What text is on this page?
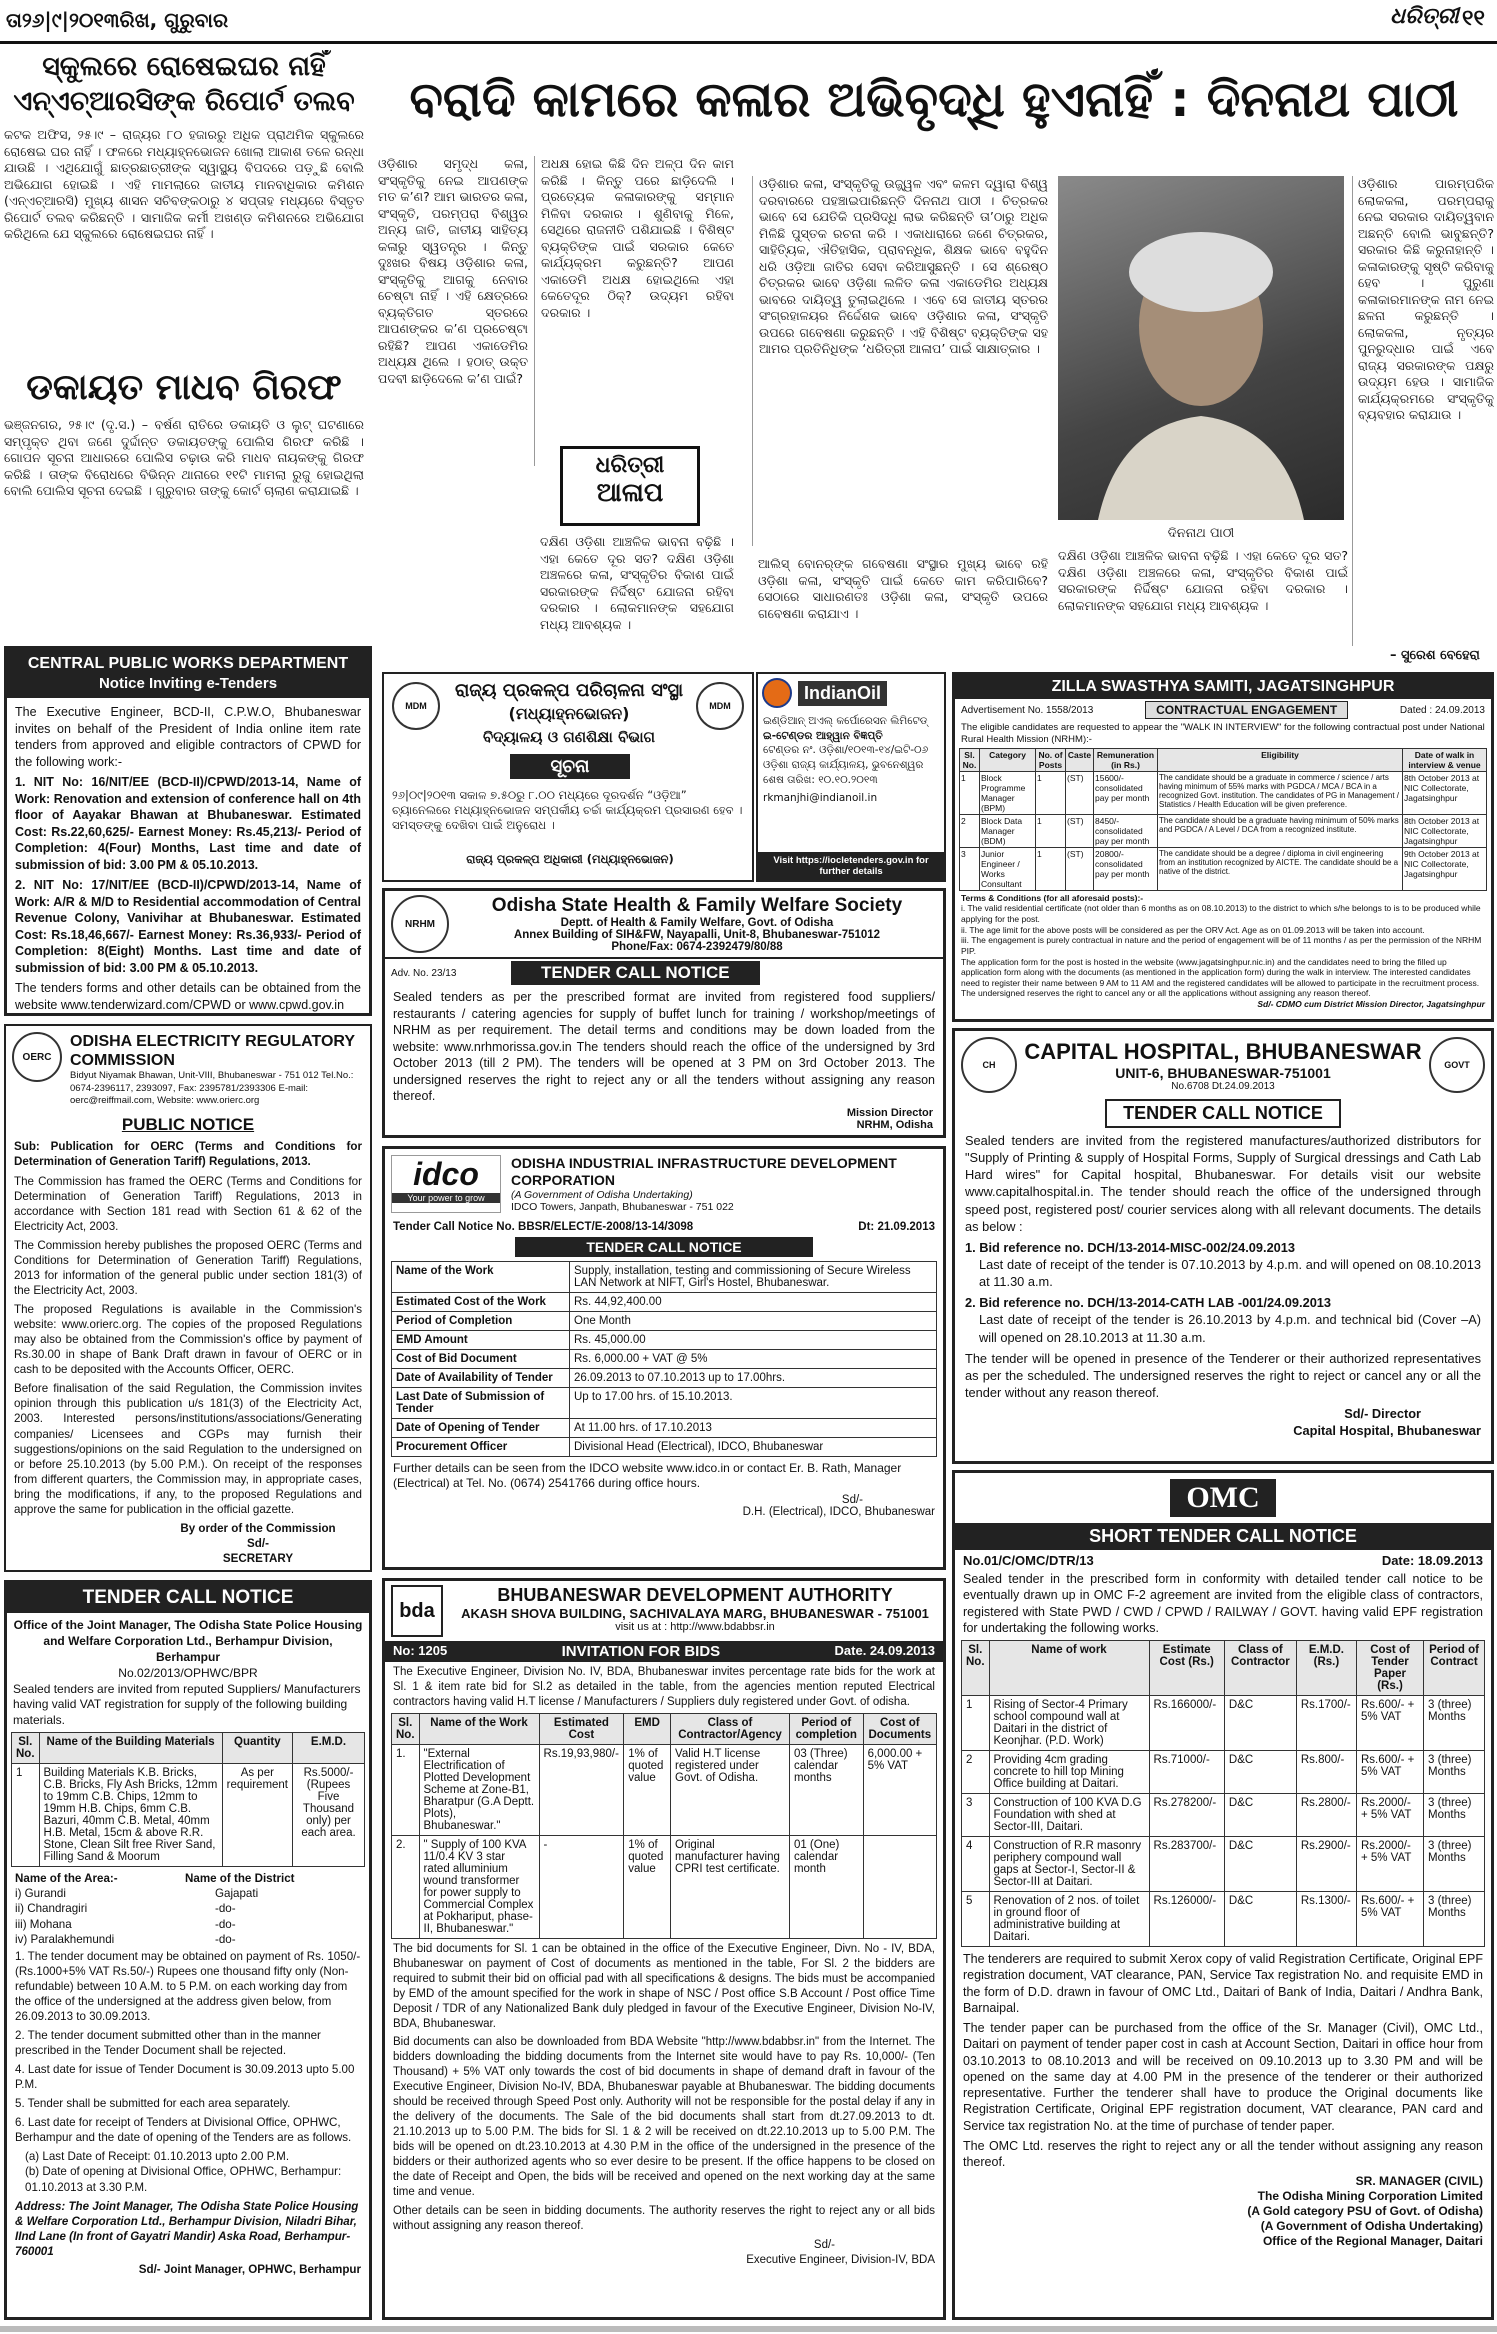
ତା୨୬|୯|୨୦୧୩ରିଖ, ଗୁରୁବାର	ଧରିତ୍ରୀ ୧୧
ସ୍କୁଲରେ ରୋଷେଇଘର ନାହିଁ ଏନ୍‌ଏଚ୍ଆରସିଙ୍କ ରିପୋର୍ଟ ତଲବ
କଟକ ଅଫିସ, ୨୫।୯ – ରାଜ୍ୟର ୮୦ ହଜାରରୁ ଅଧିକ ପ୍ରାଥମିକ ସ୍କୁଲରେ ରୋଷେଇ ଘର ନାହିଁ । ଫଳରେ ମଧ୍ୟାହ୍ନଭୋଜନ ଖୋଲା ଆକାଶ ତଳେ ରନ୍ଧା ଯାଉଛି । ଏଥିଯୋଗୁଁ ଛାତ୍ରଛାତ୍ରୀଙ୍କ ସ୍ୱାସ୍ଥ୍ୟ ବିପଦରେ ପଡ଼ୁଛି ବୋଲି ଅଭିଯୋଗ ହୋଇଛି । ଏହି ମାମଲାରେ ଜାତୀୟ ମାନବାଧିକାର କମିଶନ (ଏନ୍‌ଏଚ୍ଆରସି) ମୁଖ୍ୟ ଶାସନ ସଚିବଙ୍କଠାରୁ ୪ ସପ୍ତାହ ମଧ୍ୟରେ ବିସ୍ତୃତ ରିପୋର୍ଟ ତଲବ କରିଛନ୍ତି । ସାମାଜିକ କର୍ମୀ ଅଖଣ୍ଡ କମିଶନରେ ଅଭିଯୋଗ କରିଥିଲେ ଯେ ସ୍କୁଲରେ ରୋଷେଇଘର ନାହିଁ ।
ଡକାୟତ ମାଧବ ଗିରଫ
ଭଞ୍ଜନଗର, ୨୫।୯ (ଦୃ.ସ.) – ବର୍ଷଣ ରାତିରେ ଡକାୟତି ଓ ଲୁଟ୍ ଘଟଣାରେ ସମ୍ପୃକ୍ତ ଥିବା ଜଣେ ଦୁର୍ଦ୍ଦାନ୍ତ ଡକାୟତଙ୍କୁ ପୋଲିସ ଗିରଫ କରିଛି । ଗୋପନ ସୂଚନା ଆଧାରରେ ପୋଲିସ ଚଢ଼ାଉ କରି ମାଧବ ନାୟକଙ୍କୁ ଗିରଫ କରିଛି । ତାଙ୍କ ବିରୋଧରେ ବିଭିନ୍ନ ଥାନାରେ ୧୧ଟି ମାମଲା ରୁଜୁ ହୋଇଥିଲା ବୋଲି ପୋଲିସ ସୂଚନା ଦେଇଛି । ଗୁରୁବାର ତାଙ୍କୁ କୋର୍ଟ ଚାଲାଣ କରାଯାଇଛି ।
ବରାଦି କାମରେ କଳାର ଅଭିବୃଦ୍ଧି ହୁଏନାହିଁ : ଦିନନାଥ ପାଠୀ
ଓଡ଼ିଶାର ସମୃଦ୍ଧ କଳା, ସଂସ୍କୃତିକୁ ନେଇ ଆପଣଙ୍କ ମତ କ’ଣ? ଆମ ଭାରତର କଳା, ସଂସ୍କୃତି, ପରମ୍ପରା ବିଶ୍ୱର ଅନ୍ୟ ଜାତି, ଜାତୀୟ ସାହିତ୍ୟ କଳାରୁ ସ୍ୱତନ୍ତ୍ର । କିନ୍ତୁ ଦୁଃଖର ବିଷୟ ଓଡ଼ିଶାର କଳା, ସଂସ୍କୃତିକୁ ଆଗକୁ ନେବାର ଚେଷ୍ଟା ନାହିଁ । ଏହି କ୍ଷେତ୍ରରେ ବ୍ୟକ୍ତିଗତ ସ୍ତରରେ ଆପଣଙ୍କର କ’ଣ ପ୍ରଚେଷ୍ଟା ରହିଛି? ଆପଣ ଏକାଡେମିର ଅଧ୍ୟକ୍ଷ ଥିଲେ । ହଠାତ୍ ଉକ୍ତ ପଦବୀ ଛାଡ଼ିଦେଲେ କ’ଣ ପାଇଁ?
ଅଧକ୍ଷ ହୋଇ କିଛି ଦିନ ଅଳ୍ପ ଦିନ କାମ କରିଛି । କିନ୍ତୁ ପରେ ଛାଡ଼ିଦେଲି । ପ୍ରତ୍ୟେକ କଳାକାରଙ୍କୁ ସମ୍ମାନ ମିଳିବା ଦରକାର । ଶୁଣିବାକୁ ମିଳେ, ସେଥିରେ ରାଜନୀତି ପଶିଯାଇଛି । ବିଶିଷ୍ଟ ବ୍ୟକ୍ତିଙ୍କ ପାଇଁ ସରକାର କେତେ କାର୍ଯ୍ୟକ୍ରମ କରୁଛନ୍ତି? ଆପଣ ଏକାଡେମି ଅଧକ୍ଷ ହୋଇଥିଲେ ଏହା କେତେଦୂର ଠିକ୍? ଉଦ୍ୟମ ରହିବା ଦରକାର ।
ଧରିତ୍ରୀ
ଆଳାପ
ଦକ୍ଷିଣ ଓଡ଼ିଶା ଆଞ୍ଚଳିକ ଭାବନା ବଢ଼ିଛି । ଏହା କେତେ ଦୂର ସତ? ଦକ୍ଷିଣ ଓଡ଼ିଶା ଅଞ୍ଚଳରେ କଳା, ସଂସ୍କୃତିର ବିକାଶ ପାଇଁ ସରକାରଙ୍କ ନିର୍ଦ୍ଦିଷ୍ଟ ଯୋଜନା ରହିବା ଦରକାର । ଲୋକମାନଙ୍କ ସହଯୋଗ ମଧ୍ୟ ଆବଶ୍ୟକ ।
ଓଡ଼ିଶାର କଳା, ସଂସ୍କୃତିକୁ ଉଜ୍ଜ୍ୱଳ ଏବଂ କଳମ ଦ୍ୱାରା ବିଶ୍ୱ ଦରବାରରେ ପହଞ୍ଚାଇପାରିଛନ୍ତି ଦିନନାଥ ପାଠୀ । ଚିତ୍ରକର ଭାବେ ସେ ଯେତିକି ପ୍ରସିଦ୍ଧି ଲାଭ କରିଛନ୍ତି ତା’ଠାରୁ ଅଧିକ ମିଳିଛି ପୁସ୍ତକ ରଚନା କରି । ଏକାଧାରାରେ ଜଣେ ଚିତ୍ରକର, ସାହିତ୍ୟିକ, ଐତିହାସିକ, ପ୍ରାବନ୍ଧିକ, ଶିକ୍ଷକ ଭାବେ ବହୁଦିନ ଧରି ଓଡ଼ିଆ ଜାତିର ସେବା କରିଆସୁଛନ୍ତି । ସେ ଶ୍ରେଷ୍ଠ ଚିତ୍ରକର ଭାବେ ଓଡ଼ିଶା ଲଳିତ କଳା ଏକାଡେମିର ଅଧ୍ୟକ୍ଷ ଭାବରେ ଦାୟିତ୍ୱ ତୁଲାଇଥିଲେ । ଏବେ ସେ ଜାତୀୟ ସ୍ତରର ସଂଗ୍ରହାଳୟର ନିର୍ଦ୍ଦେଶକ ଭାବେ ଓଡ଼ିଶାର କଳା, ସଂସ୍କୃତି ଉପରେ ଗବେଷଣା କରୁଛନ୍ତି । ଏହି ବିଶିଷ୍ଟ ବ୍ୟକ୍ତିଙ୍କ ସହ ଆମର ପ୍ରତିନିଧିଙ୍କ ‘ଧରିତ୍ରୀ ଆଳାପ’ ପାଇଁ ସାକ୍ଷାତ୍‌କାର ।
ଆଲିସ୍ ବୋନର୍‌ଙ୍କ ଗବେଷଣା ସଂସ୍ଥାର ମୁଖ୍ୟ ଭାବେ ରହି ଓଡ଼ିଶା କଳା, ସଂସ୍କୃତି ପାଇଁ କେତେ କାମ କରିପାରିବେ? ସେଠାରେ ସାଧାରଣତଃ ଓଡ଼ିଶା କଳା, ସଂସ୍କୃତି ଉପରେ ଗବେଷଣା କରାଯାଏ ।
ଦିନନାଥ ପାଠୀ
ଦକ୍ଷିଣ ଓଡ଼ିଶା ଆଞ୍ଚଳିକ ଭାବନା ବଢ଼ିଛି । ଏହା କେତେ ଦୂର ସତ? ଦକ୍ଷିଣ ଓଡ଼ିଶା ଅଞ୍ଚଳରେ କଳା, ସଂସ୍କୃତିର ବିକାଶ ପାଇଁ ସରକାରଙ୍କ ନିର୍ଦ୍ଦିଷ୍ଟ ଯୋଜନା ରହିବା ଦରକାର । ଲୋକମାନଙ୍କ ସହଯୋଗ ମଧ୍ୟ ଆବଶ୍ୟକ ।
ଓଡ଼ିଶାର ପାରମ୍ପରିକ ଲୋକକଳା, ପରମ୍ପରାକୁ ନେଇ ସରକାର ଦାୟିତ୍ୱବାନ ଅଛନ୍ତି ବୋଲି ଭାବୁଛନ୍ତି? ସରକାର କିଛି କରୁନାହାନ୍ତି । କଳାକାରଙ୍କୁ ସୃଷ୍ଟି କରିବାକୁ ହେବ । ପୁରୁଣା କଳାକାରମାନଙ୍କ ନାମ ନେଇ ଛଳନା କରୁଛନ୍ତି । ଲୋକକଳା, ନୃତ୍ୟର ପୁନରୁଦ୍ଧାର ପାଇଁ ଏବେ ରାଜ୍ୟ ସରକାରଙ୍କ ପକ୍ଷରୁ ଉଦ୍ୟମ ହେଉ । ସାମାଜିକ କାର୍ଯ୍ୟକ୍ରମରେ ସଂସ୍କୃତିକୁ ବ୍ୟବହାର କରାଯାଉ ।
– ସୁରେଶ ବେହେରା
MDM	MDM
ରାଜ୍ୟ ପ୍ରକଳ୍ପ ପରିଚାଳନା ସଂସ୍ଥା
(ମଧ୍ୟାହ୍ନଭୋଜନ)
ବିଦ୍ୟାଳୟ ଓ ଗଣଶିକ୍ଷା ବିଭାଗ
ସୂଚନା
୨୬|୦୯|୨୦୧୩ ସକାଳ ୭.୫୦ରୁ ୮.୦୦ ମଧ୍ୟରେ ଦୂରଦର୍ଶନ “ଓଡ଼ିଆ” ଚ୍ୟାନେଲରେ ମଧ୍ୟାହ୍ନଭୋଜନ ସମ୍ପର୍କୀୟ ଚର୍ଚ୍ଚା କାର୍ଯ୍ୟକ୍ରମ ପ୍ରସାରଣ ହେବ । ସମସ୍ତଙ୍କୁ ଦେଖିବା ପାଇଁ ଅନୁରୋଧ ।
ରାଜ୍ୟ ପ୍ରକଳ୍ପ ଅଧିକାରୀ (ମଧ୍ୟାହ୍ନଭୋଜନ)
IndianOil
ଇଣ୍ଡିଆନ୍ ଅଏଲ୍ କର୍ପୋରେସନ ଲିମିଟେଡ୍
ଇ-ଟେଣ୍ଡର ଆହ୍ୱାନ ବିଜ୍ଞପ୍ତି
ଟେଣ୍ଡର ନଂ. ଓଡ଼ିଶା/୧୦୧୩-୧୪/ଇଟି-୦୬
ଓଡ଼ିଶା ରାଜ୍ୟ କାର୍ଯ୍ୟାଳୟ, ଭୁବନେଶ୍ୱର
ଶେଷ ତାରିଖ: ୧୦.୧୦.୨୦୧୩
rkmanjhi@indianoil.in
Visit https://iocletenders.gov.in for further details
CENTRAL PUBLIC WORKS DEPARTMENT
Notice Inviting e-Tenders

The Executive Engineer, BCD-II, C.P.W.O, Bhubaneswar invites on behalf of the President of India online item rate tenders from approved and eligible contractors of CPWD for the following work:-

1. NIT No: 16/NIT/EE (BCD-II)/CPWD/2013-14, Name of Work: Renovation and extension of conference hall on 4th floor of Aayakar Bhawan at Bhubaneswar. Estimated Cost: Rs.22,60,625/- Earnest Money: Rs.45,213/- Period of Completion: 4(Four) Months, Last time and date of submission of bid: 3.00 PM & 05.10.2013.

2. NIT No: 17/NIT/EE (BCD-II)/CPWD/2013-14, Name of Work: A/R & M/D to Residential accommodation of Central Revenue Colony, Vanivihar at Bhubaneswar. Estimated Cost: Rs.18,46,667/- Earnest Money: Rs.36,933/- Period of Completion: 8(Eight) Months. Last time and date of submission of bid: 3.00 PM & 05.10.2013.

The tenders forms and other details can be obtained from the website www.tenderwizard.com/CPWD or www.cpwd.gov.in

OERC
ODISHA ELECTRICITY REGULATORY COMMISSION
Bidyut Niyamak Bhawan, Unit-VIII, Bhubaneswar - 751 012 Tel.No.: 0674-2396117, 2393097, Fax: 2395781/2393306 E-mail: oerc@reiffmail.com, Website: www.orierc.org
PUBLIC NOTICE

Sub: Publication for OERC (Terms and Conditions for Determination of Generation Tariff) Regulations, 2013.

The Commission has framed the OERC (Terms and Conditions for Determination of Generation Tariff) Regulations, 2013 in accordance with Section 181 read with Section 61 & 62 of the Electricity Act, 2003.

The Commission hereby publishes the proposed OERC (Terms and Conditions for Determination of Generation Tariff) Regulations, 2013 for information of the general public under section 181(3) of the Electricity Act, 2003.

The proposed Regulations is available in the Commission's website: www.orierc.org. The copies of the proposed Regulations may also be obtained from the Commission's office by payment of Rs.30.00 in shape of Bank Draft drawn in favour of OERC or in cash to be deposited with the Accounts Officer, OERC.

Before finalisation of the said Regulation, the Commission invites opinion through this publication u/s 181(3) of the Electricity Act, 2003. Interested persons/institutions/associations/Generating companies/ Licensees and CGPs may furnish their suggestions/opinions on the said Regulation to the undersigned on or before 25.10.2013 (by 5.00 P.M.). On receipt of the responses from different quarters, the Commission may, in appropriate cases, bring the modifications, if any, to the proposed Regulations and approve the same for publication in the official gazette.

By order of the Commission
Sd/-
SECRETARY
TENDER CALL NOTICE
Office of the Joint Manager, The Odisha State Police Housing and Welfare Corporation Ltd., Berhampur Division, Berhampur
No.02/2013/OPHWC/BPR
Sealed tenders are invited from reputed Suppliers/ Manufacturers having valid VAT registration for supply of the following building materials.
Sl. No.	Name of the Building Materials	Quantity	E.M.D.
1	Building Materials K.B. Bricks, C.B. Bricks, Fly Ash Bricks, 12mm to 19mm C.B. Chips, 12mm to 19mm H.B. Chips, 6mm C.B. Bazuri, 40mm C.B. Metal, 40mm H.B. Metal, 15cm & above R.R. Stone, Clean Silt free River Sand, Filling Sand & Moorum	As per requirement	Rs.5000/- (Rupees Five Thousand only) per each area.
Name of the Area:-	Name of the District
i) Gurandi	Gajapati
ii) Chandragiri	-do-
iii) Mohana	-do-
iv) Paralakhemundi	-do-

1. The tender document may be obtained on payment of Rs. 1050/- (Rs.1000+5% VAT Rs.50/-) Rupees one thousand fifty only (Non-refundable) between 10 A.M. to 5 P.M. on each working day from the office of the undersigned at the address given below, from 26.09.2013 to 30.09.2013.

2. The tender document submitted other than in the manner prescribed in the Tender Document shall be rejected.

4. Last date for issue of Tender Document is 30.09.2013 upto 5.00 P.M.

5. Tender shall be submitted for each area separately.

6. Last date for receipt of Tenders at Divisional Office, OPHWC, Berhampur and the date of opening of the Tenders are as follows.

(a) Last Date of Receipt: 01.10.2013 upto 2.00 P.M.
(b) Date of opening at Divisional Office, OPHWC, Berhampur: 01.10.2013 at 3.30 P.M.
Address: The Joint Manager, The Odisha State Police Housing & Welfare Corporation Ltd., Berhampur Division, Niladri Bihar, IInd Lane (In front of Gayatri Mandir) Aska Road, Berhampur-760001
Sd/- Joint Manager, OPHWC, Berhampur
NRHM
Odisha State Health & Family Welfare Society
Deptt. of Health & Family Welfare, Govt. of Odisha
Annex Building of SIH&FW, Nayapalli, Unit-8, Bhubaneswar-751012
Phone/Fax: 0674-2392479/80/88
Adv. No. 23/13	TENDER CALL NOTICE
Sealed tenders as per the prescribed format are invited from registered food suppliers/ restaurants / catering agencies for supply of buffet lunch for training / workshop/meetings of NRHM as per requirement. The detail terms and conditions may be down loaded from the website: www.nrhmorissa.gov.in The tenders should reach the office of the undersigned by 3rd October 2013 (till 2 PM). The tenders will be opened at 3 PM on 3rd October 2013. The undersigned reserves the right to reject any or all the tenders without assigning any reason thereof.
Mission Director
NRHM, Odisha
idco
Your power to grow
ODISHA INDUSTRIAL INFRASTRUCTURE DEVELOPMENT CORPORATION
(A Government of Odisha Undertaking)
IDCO Towers, Janpath, Bhubaneswar - 751 022
Tender Call Notice No. BBSR/ELECT/E-2008/13-14/3098	Dt: 21.09.2013
TENDER CALL NOTICE
Name of the Work	Supply, installation, testing and commissioning of Secure Wireless LAN Network at NIFT, Girl's Hostel, Bhubaneswar.
Estimated Cost of the Work	Rs. 44,92,400.00
Period of Completion	One Month
EMD Amount	Rs. 45,000.00
Cost of Bid Document	Rs. 6,000.00 + VAT @ 5%
Date of Availability of Tender	26.09.2013 to 07.10.2013 up to 17.00hrs.
Last Date of Submission of Tender	Up to 17.00 hrs. of 15.10.2013.
Date of Opening of Tender	At 11.00 hrs. of 17.10.2013
Procurement Officer	Divisional Head (Electrical), IDCO, Bhubaneswar
Further details can be seen from the IDCO website www.idco.in or contact Er. B. Rath, Manager (Electrical) at Tel. No. (0674) 2541766 during office hours.
Sd/-
D.H. (Electrical), IDCO, Bhubaneswar
bda
BHUBANESWAR DEVELOPMENT AUTHORITY
AKASH SHOVA BUILDING, SACHIVALAYA MARG, BHUBANESWAR - 751001
visit us at : http://www.bdabbsr.in
No: 1205	INVITATION FOR BIDS	Date. 24.09.2013
The Executive Engineer, Division No. IV, BDA, Bhubaneswar invites percentage rate bids for the work at Sl. 1 & item rate bid for Sl.2 as detailed in the table, from the agencies mention reputed Electrical contractors having valid H.T license / Manufacturers / Suppliers duly registered under Govt. of odisha.
Sl. No.	Name of the Work	Estimated Cost	EMD	Class of Contractor/Agency	Period of completion	Cost of Documents
1.	"External Electrification of Plotted Development Scheme at Zone-B1, Bharatpur (G.A Deptt. Plots), Bhubaneswar."	Rs.19,93,980/-	1% of quoted value	Valid H.T license registered under Govt. of Odisha.	03 (Three) calendar months	6,000.00 + 5% VAT
2.	" Supply of 100 KVA 11/0.4 KV 3 star rated alluminium wound transformer for power supply to Commercial Complex at Pokhariput, phase-II, Bhubaneswar."	-	1% of quoted value	Original manufacturer having CPRI test certificate.	01 (One) calendar month	

The bid documents for Sl. 1 can be obtained in the office of the Executive Engineer, Divn. No - IV, BDA, Bhubaneswar on payment of Cost of documents as mentioned in the table, For Sl. 2 the bidders are required to submit their bid on official pad with all specifications & designs. The bids must be accompanied by EMD of the amount specified for the work in shape of NSC / Post office S.B Account / Post office Time Deposit / TDR of any Nationalized Bank duly pledged in favour of the Executive Engineer, Division No-IV, BDA, Bhubaneswar.

Bid documents can also be downloaded from BDA Website "http://www.bdabbsr.in" from the Internet. The bidders downloading the bidding documents from the Internet site would have to pay Rs. 10,000/- (Ten Thousand) + 5% VAT only towards the cost of bid documents in shape of demand draft in favour of the Executive Engineer, Division No-IV, BDA, Bhubaneswar payable at Bhubaneswar. The bidding documents should be received through Speed Post only. Authority will not be responsible for the postal delay if any in the delivery of the documents. The Sale of the bid documents shall start from dt.27.09.2013 to dt. 21.10.2013 up to 5.00 P.M. The bids for Sl. 1 & 2 will be received on dt.22.10.2013 up to 5.00 P.M. The bids will be opened on dt.23.10.2013 at 4.30 P.M in the office of the undersigned in the presence of the bidders or their authorized agents who so ever desire to be present. If the office happens to be closed on the date of Receipt and Open, the bids will be received and opened on the next working day at the same time and venue.

Other details can be seen in bidding documents. The authority reserves the right to reject any or all bids without assigning any reason thereof.

Sd/-
Executive Engineer, Division-IV, BDA
ZILLA SWASTHYA SAMITI, JAGATSINGHPUR
Advertisement No. 1558/2013	CONTRACTUAL ENGAGEMENT	Dated : 24.09.2013
The eligible candidates are requested to appear the "WALK IN INTERVIEW" for the following contractual post under National Rural Health Mission (NRHM):-
Sl. No.	Category	No. of Posts	Caste	Remuneration (in Rs.)	Eligibility	Date of walk in interview & venue
1	Block Programme Manager (BPM)	1	(ST)	15600/- consolidated pay per month	The candidate should be a graduate in commerce / science / arts having minimum of 55% marks with PGDCA / MCA / BCA in a recognized Govt. institution. The candidates of PG in Management / Statistics / Health Education will be given preference.	8th October 2013 at NIC Collectorate, Jagatsinghpur
2	Block Data Manager (BDM)	1	(ST)	8450/- consolidated pay per month	The candidate should be a graduate having minimum of 50% marks and PGDCA / A Level / DCA from a recognized institute.	8th October 2013 at NIC Collectorate, Jagatsinghpur
3	Junior Engineer / Works Consultant	1	(ST)	20800/- consolidated pay per month	The candidate should be a degree / diploma in civil engineering from an institution recognized by AICTE. The candidate should be a native of the district.	9th October 2013 at NIC Collectorate, Jagatsinghpur
Terms & Conditions (for all aforesaid posts):-
i. The valid residential certificate (not older than 6 months as on 08.10.2013) to the district to which s/he belongs to is to be produced while applying for the post.
ii. The age limit for the above posts will be considered as per the ORV Act. Age as on 01.09.2013 will be taken into account.
iii. The engagement is purely contractual in nature and the period of engagement will be of 11 months / as per the permission of the NRHM PIP.
The application form for the post is hosted in the website (www.jagatsinghpur.nic.in) and the candidates need to bring the filled up application form along with the documents (as mentioned in the application form) during the walk in interview. The interested candidates need to register their name between 9 AM to 11 AM and the registered candidates will be allowed to participate in the recruitment process. The undersigned reserves the right to cancel any or all the applications without assigning any reason thereof.
Sd/- CDMO cum District Mission Director, Jagatsinghpur
CH
CAPITAL HOSPITAL, BHUBANESWAR
UNIT-6, BHUBANESWAR-751001
No.6708 Dt.24.09.2013
GOVT
TENDER CALL NOTICE

Sealed tenders are invited from the registered manufactures/authorized distributors for "Supply of Printing & supply of Hospital Forms, Supply of Surgical dressings and Cath Lab Hard wires" for Capital hospital, Bhubaneswar. For details visit our website www.capitalhospital.in. The tender should reach the office of the undersigned through speed post, registered post/ courier services along with all relevant documents. The details as below :

1. Bid reference no. DCH/13-2014-MISC-002/24.09.2013

Last date of receipt of the tender is 07.10.2013 by 4.p.m. and will opened on 08.10.2013 at 11.30 a.m.

2. Bid reference no. DCH/13-2014-CATH LAB -001/24.09.2013

Last date of receipt of the tender is 26.10.2013 by 4.p.m. and technical bid (Cover –A) will opened on 28.10.2013 at 11.30 a.m.

The tender will be opened in presence of the Tenderer or their authorized representatives as per the scheduled. The undersigned reserves the right to reject or cancel any or all the tender without any reason thereof.

Sd/- Director
Capital Hospital, Bhubaneswar
OMC
SHORT TENDER CALL NOTICE
No.01/C/OMC/DTR/13	Date: 18.09.2013
Sealed tender in the prescribed form in conformity with detailed tender call notice to be eventually drawn up in OMC F-2 agreement are invited from the eligible class of contractors, registered with State PWD / CWD / CPWD / RAILWAY / GOVT. having valid EPF registration for undertaking the following works.
Sl. No.	Name of work	Estimate Cost (Rs.)	Class of Contractor	E.M.D. (Rs.)	Cost of Tender Paper (Rs.)	Period of Contract
1	Rising of Sector-4 Primary school compound wall at Daitari in the district of Keonjhar. (P.D. Work)	Rs.166000/-	D&C	Rs.1700/-	Rs.600/- + 5% VAT	3 (three) Months
2	Providing 4cm grading concrete to hill top Mining Office building at Daitari.	Rs.71000/-	D&C	Rs.800/-	Rs.600/- + 5% VAT	3 (three) Months
3	Construction of 100 KVA D.G Foundation with shed at Sector-III, Daitari.	Rs.278200/-	D&C	Rs.2800/-	Rs.2000/- + 5% VAT	3 (three) Months
4	Construction of R.R masonry periphery compound wall gaps at Sector-I, Sector-II & Sector-III at Daitari.	Rs.283700/-	D&C	Rs.2900/-	Rs.2000/- + 5% VAT	3 (three) Months
5	Renovation of 2 nos. of toilet in ground floor of administrative building at Daitari.	Rs.126000/-	D&C	Rs.1300/-	Rs.600/- + 5% VAT	3 (three) Months

The tenderers are required to submit Xerox copy of valid Registration Certificate, Original EPF registration document, VAT clearance, PAN, Service Tax registration No. and requisite EMD in the form of D.D. drawn in favour of OMC Ltd., Daitari of Bank of India, Daitari / Andhra Bank, Barnaipal.

The tender paper can be purchased from the office of the Sr. Manager (Civil), OMC Ltd., Daitari on payment of tender paper cost in cash at Account Section, Daitari in office hour from 03.10.2013 to 08.10.2013 and will be received on 09.10.2013 up to 3.30 PM and will be opened on the same day at 4.00 PM in the presence of the tenderer or their authorized representative. Further the tenderer shall have to produce the Original documents like Registration Certificate, Original EPF registration document, VAT clearance, PAN card and Service tax registration No. at the time of purchase of tender paper.

The OMC Ltd. reserves the right to reject any or all the tender without assigning any reason thereof.

SR. MANAGER (CIVIL)
The Odisha Mining Corporation Limited
(A Gold category PSU of Govt. of Odisha)
(A Government of Odisha Undertaking)
Office of the Regional Manager, Daitari
